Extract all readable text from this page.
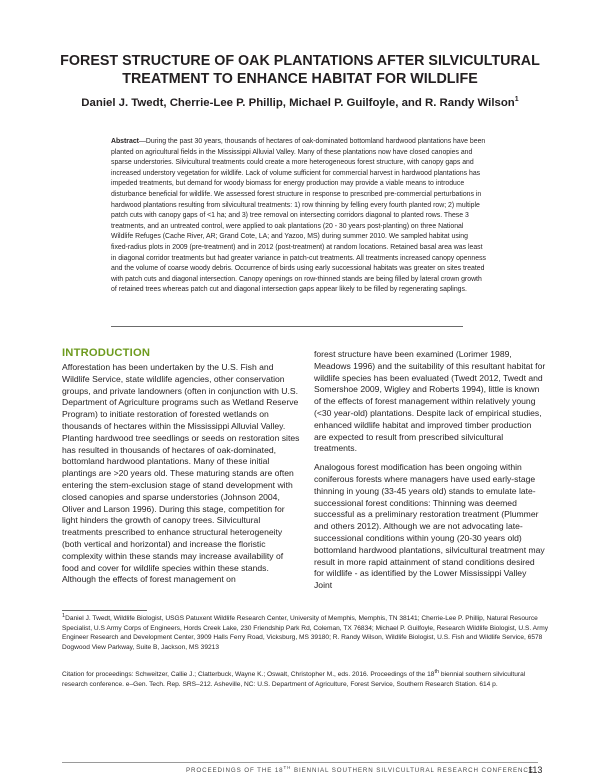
FOREST STRUCTURE OF OAK PLANTATIONS AFTER SILVICULTURAL TREATMENT TO ENHANCE HABITAT FOR WILDLIFE

Daniel J. Twedt, Cherrie-Lee P. Phillip, Michael P. Guilfoyle, and R. Randy Wilson$^1$

Abstract—During the past 30 years, thousands of hectares of oak-dominated bottomland hardwood plantations have been planted on agricultural fields in the Mississippi Alluvial Valley. Many of these plantations now have closed canopies and sparse understories. Silvicultural treatments could create a more heterogeneous forest structure, with canopy gaps and increased understory vegetation for wildlife. Lack of volume sufficient for commercial harvest in hardwood plantations has impeded treatments, but demand for woody biomass for energy production may provide a viable means to introduce disturbance beneficial for wildlife. We assessed forest structure in response to prescribed pre-commercial perturbations in hardwood plantations resulting from silvicultural treatments: 1) row thinning by felling every fourth planted row; 2) multiple patch cuts with canopy gaps of <1 ha; and 3) tree removal on intersecting corridors diagonal to planted rows. These 3 treatments, and an untreated control, were applied to oak plantations (20 - 30 years post-planting) on three National Wildlife Refuges (Cache River, AR; Grand Cote, LA; and Yazoo, MS) during summer 2010. We sampled habitat using fixed-radius plots in 2009 (pre-treatment) and in 2012 (post-treatment) at random locations. Retained basal area was least in diagonal corridor treatments but had greater variance in patch-cut treatments. All treatments increased canopy openness and the volume of coarse woody debris. Occurrence of birds using early successional habitats was greater on sites treated with patch cuts and diagonal intersection. Canopy openings on row-thinned stands are being filled by lateral crown growth of retained trees whereas patch cut and diagonal intersection gaps appear likely to be filled by regenerating saplings.

INTRODUCTION

Afforestation has been undertaken by the U.S. Fish and Wildlife Service, state wildlife agencies, other conservation groups, and private landowners (often in conjunction with U.S. Department of Agriculture programs such as Wetland Reserve Program) to initiate restoration of forested wetlands on thousands of hectares within the Mississippi Alluvial Valley. Planting hardwood tree seedlings or seeds on restoration sites has resulted in thousands of hectares of oak-dominated, bottomland hardwood plantations. Many of these initial plantings are >20 years old. These maturing stands are often entering the stem-exclusion stage of stand development with closed canopies and sparse understories (Johnson 2004, Oliver and Larson 1996). During this stage, competition for light hinders the growth of canopy trees. Silvicultural treatments prescribed to enhance structural heterogeneity (both vertical and horizontal) and increase the floristic complexity within these stands may increase availability of food and cover for wildlife species within these stands. Although the effects of forest management on

forest structure have been examined (Lorimer 1989, Meadows 1996) and the suitability of this resultant habitat for wildlife species has been evaluated (Twedt 2012, Twedt and Somershoe 2009, Wigley and Roberts 1994), little is known of the effects of forest management within relatively young (<30 year-old) plantations. Despite lack of empirical studies, enhanced wildlife habitat and improved timber production are expected to result from prescribed silvicultural treatments.

Analogous forest modification has been ongoing within coniferous forests where managers have used early-stage thinning in young (33-45 years old) stands to emulate late-successional forest conditions: Thinning was deemed successful as a preliminary restoration treatment (Plummer and others 2012). Although we are not advocating late-successional conditions within young (20-30 years old) bottomland hardwood plantations, silvicultural treatment may result in more rapid attainment of stand conditions desired for wildlife - as identified by the Lower Mississippi Valley Joint

$^1$Daniel J. Twedt, Wildlife Biologist, USGS Patuxent Wildlife Research Center, University of Memphis, Memphis, TN 38141; Cherrie-Lee P. Phillip, Natural Resource Specialist, U.S Army Corps of Engineers, Hords Creek Lake, 230 Friendship Park Rd, Coleman, TX 76834; Michael P. Guilfoyle, Research Wildlife Biologist, U.S. Army Engineer Research and Development Center, 3909 Halls Ferry Road, Vicksburg, MS 39180; R. Randy Wilson, Wildlife Biologist, U.S. Fish and Wildlife Service, 6578 Dogwood View Parkway, Suite B, Jackson, MS 39213

Citation for proceedings: Schweitzer, Callie J.; Clatterbuck, Wayne K.; Oswalt, Christopher M., eds. 2016. Proceedings of the 18th biennial southern silvicultural research conference. e–Gen. Tech. Rep. SRS–212. Asheville, NC: U.S. Department of Agriculture, Forest Service, Southern Research Station. 614 p.

PROCEEDINGS OF THE 18TH BIENNIAL SOUTHERN SILVICULTURAL RESEARCH CONFERENCE

113
